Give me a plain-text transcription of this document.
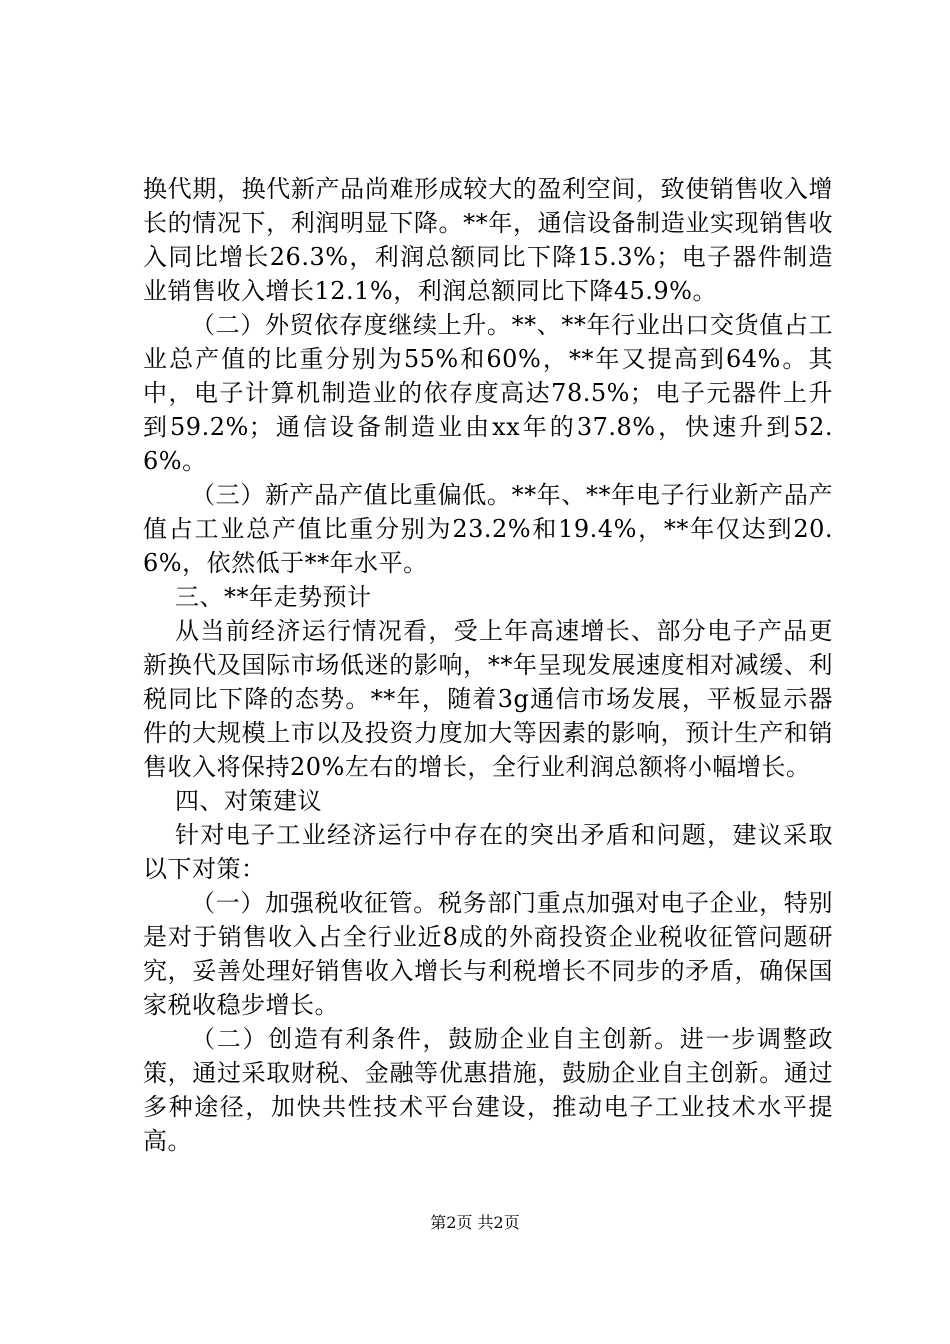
换代期，换代新产品尚难形成较大的盈利空间，致使销售收入增长的情况下，利润明显下降。**年，通信设备制造业实现销售收入同比增长26.3%，利润总额同比下降15.3%；电子器件制造业销售收入增长12.1%，利润总额同比下降45.9%。

（二）外贸依存度继续上升。**、**年行业出口交货值占工业总产值的比重分别为55%和60%，**年又提高到64%。其中，电子计算机制造业的依存度高达78.5%；电子元器件上升到59.2%；通信设备制造业由xx年的37.8%，快速升到52.6%。

（三）新产品产值比重偏低。**年、**年电子行业新产品产值占工业总产值比重分别为23.2%和19.4%，**年仅达到20.6%，依然低于**年水平。

三、**年走势预计

从当前经济运行情况看，受上年高速增长、部分电子产品更新换代及国际市场低迷的影响，**年呈现发展速度相对减缓、利税同比下降的态势。**年，随着3g通信市场发展，平板显示器件的大规模上市以及投资力度加大等因素的影响，预计生产和销售收入将保持20%左右的增长，全行业利润总额将小幅增长。

四、对策建议

针对电子工业经济运行中存在的突出矛盾和问题，建议采取以下对策：

（一）加强税收征管。税务部门重点加强对电子企业，特别是对于销售收入占全行业近8成的外商投资企业税收征管问题研究，妥善处理好销售收入增长与利税增长不同步的矛盾，确保国家税收稳步增长。

（二）创造有利条件，鼓励企业自主创新。进一步调整政策，通过采取财税、金融等优惠措施，鼓励企业自主创新。通过多种途径，加快共性技术平台建设，推动电子工业技术水平提高。

第2页 共2页
